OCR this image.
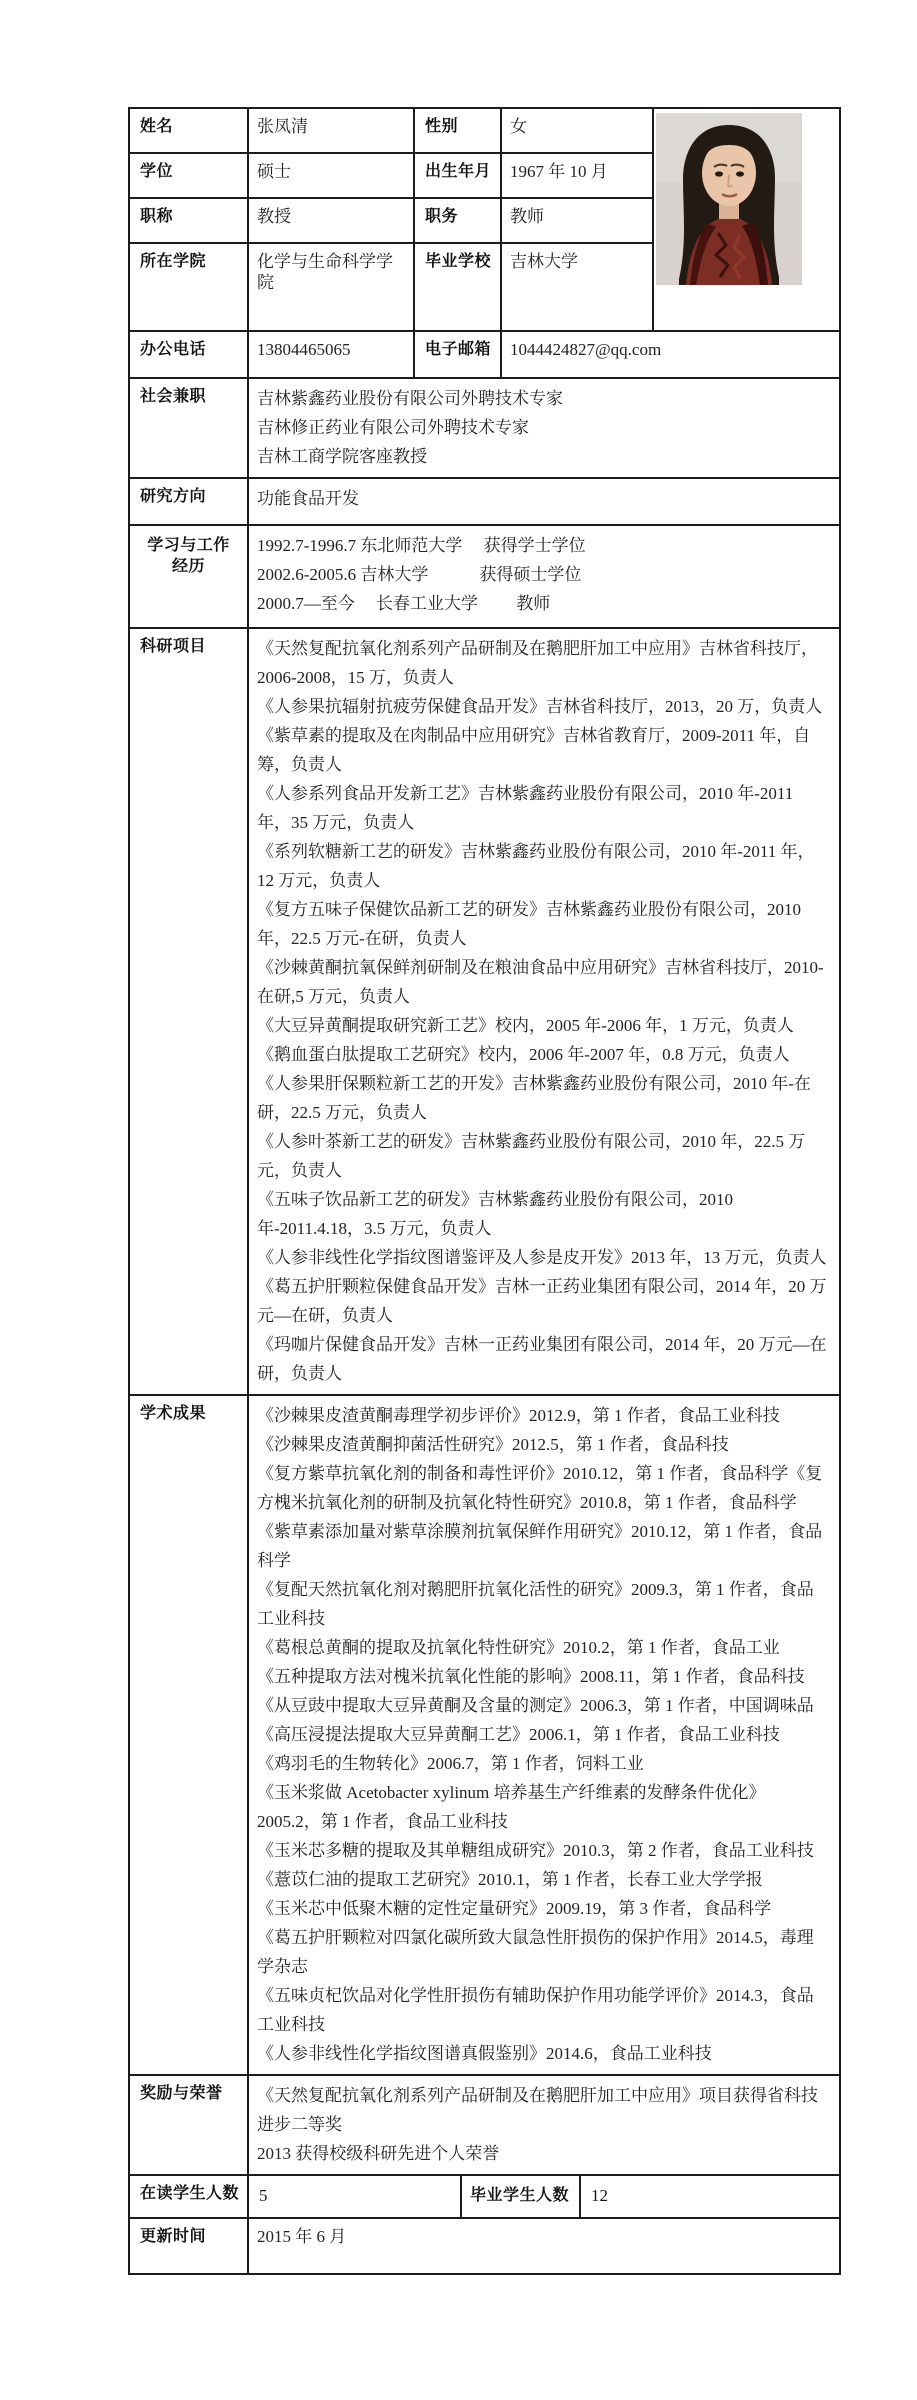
姓名	张凤清	性别	女	

学位	硕士	出生年月	1967 年 10 月	
职称	教授	职务	教师	
所在学院	化学与生命科学学院	毕业学校	吉林大学	
办公电话	13804465065	电子邮箱	1044424827@qq.com	
社会兼职	吉林紫鑫药业股份有限公司外聘技术专家

吉林修正药业有限公司外聘技术专家

吉林工商学院客座教授			

研究方向	功能食品开发			

学习与工作经历	1992.7-1996.7 东北师范大学　 获得学士学位

2002.6-2005.6 吉林大学　　　获得硕士学位

2000.7—至今　 长春工业大学　　 教师			

科研项目	《天然复配抗氧化剂系列产品研制及在鹅肥肝加工中应用》吉林省科技厅，2006-2008，15 万，负责人

《人参果抗辐射抗疲劳保健食品开发》吉林省科技厅，2013，20 万，负责人

《紫草素的提取及在肉制品中应用研究》吉林省教育厅，2009-2011 年，自筹，负责人

《人参系列食品开发新工艺》吉林紫鑫药业股份有限公司，2010 年-2011 年，35 万元，负责人

《系列软糖新工艺的研发》吉林紫鑫药业股份有限公司，2010 年-2011 年，12 万元，负责人

《复方五味子保健饮品新工艺的研发》吉林紫鑫药业股份有限公司，2010 年，22.5 万元-在研，负责人

《沙棘黄酮抗氧保鲜剂研制及在粮油食品中应用研究》吉林省科技厅，2010-在研,5 万元，负责人

《大豆异黄酮提取研究新工艺》校内，2005 年-2006 年，1 万元，负责人

《鹅血蛋白肽提取工艺研究》校内，2006 年-2007 年，0.8 万元，负责人

《人参果肝保颗粒新工艺的开发》吉林紫鑫药业股份有限公司，2010 年-在研，22.5 万元，负责人

《人参叶茶新工艺的研发》吉林紫鑫药业股份有限公司，2010 年，22.5 万元，负责人

《五味子饮品新工艺的研发》吉林紫鑫药业股份有限公司，2010 年-2011.4.18，3.5 万元，负责人

《人参非线性化学指纹图谱鉴评及人参是皮开发》2013 年，13 万元，负责人

《葛五护肝颗粒保健食品开发》吉林一正药业集团有限公司，2014 年，20 万元—在研，负责人

《玛咖片保健食品开发》吉林一正药业集团有限公司，2014 年，20 万元—在研，负责人

学术成果	《沙棘果皮渣黄酮毒理学初步评价》2012.9，第 1 作者，食品工业科技

《沙棘果皮渣黄酮抑菌活性研究》2012.5，第 1 作者，食品科技

《复方紫草抗氧化剂的制备和毒性评价》2010.12，第 1 作者，食品科学《复方槐米抗氧化剂的研制及抗氧化特性研究》2010.8，第 1 作者，食品科学

《紫草素添加量对紫草涂膜剂抗氧保鲜作用研究》2010.12，第 1 作者，食品科学

《复配天然抗氧化剂对鹅肥肝抗氧化活性的研究》2009.3，第 1 作者，食品工业科技

《葛根总黄酮的提取及抗氧化特性研究》2010.2，第 1 作者，食品工业

《五种提取方法对槐米抗氧化性能的影响》2008.11，第 1 作者，食品科技

《从豆豉中提取大豆异黄酮及含量的测定》2006.3，第 1 作者，中国调味品

《高压浸提法提取大豆异黄酮工艺》2006.1，第 1 作者，食品工业科技

《鸡羽毛的生物转化》2006.7，第 1 作者，饲料工业

《玉米浆做 Acetobacter xylinum 培养基生产纤维素的发酵条件优化》2005.2，第 1 作者，食品工业科技

《玉米芯多糖的提取及其单糖组成研究》2010.3，第 2 作者，食品工业科技

《薏苡仁油的提取工艺研究》2010.1，第 1 作者，长春工业大学学报

《玉米芯中低聚木糖的定性定量研究》2009.19，第 3 作者，食品科学

《葛五护肝颗粒对四氯化碳所致大鼠急性肝损伤的保护作用》2014.5，毒理学杂志

《五味贞杞饮品对化学性肝损伤有辅助保护作用功能学评价》2014.3，食品工业科技

《人参非线性化学指纹图谱真假鉴别》2014.6，食品工业科技

奖励与荣誉	《天然复配抗氧化剂系列产品研制及在鹅肥肝加工中应用》项目获得省科技进步二等奖

2013 获得校级科研先进个人荣誉			

在读学生人数	5 毕业学生人数 12			

更新时间	2015 年 6 月			
